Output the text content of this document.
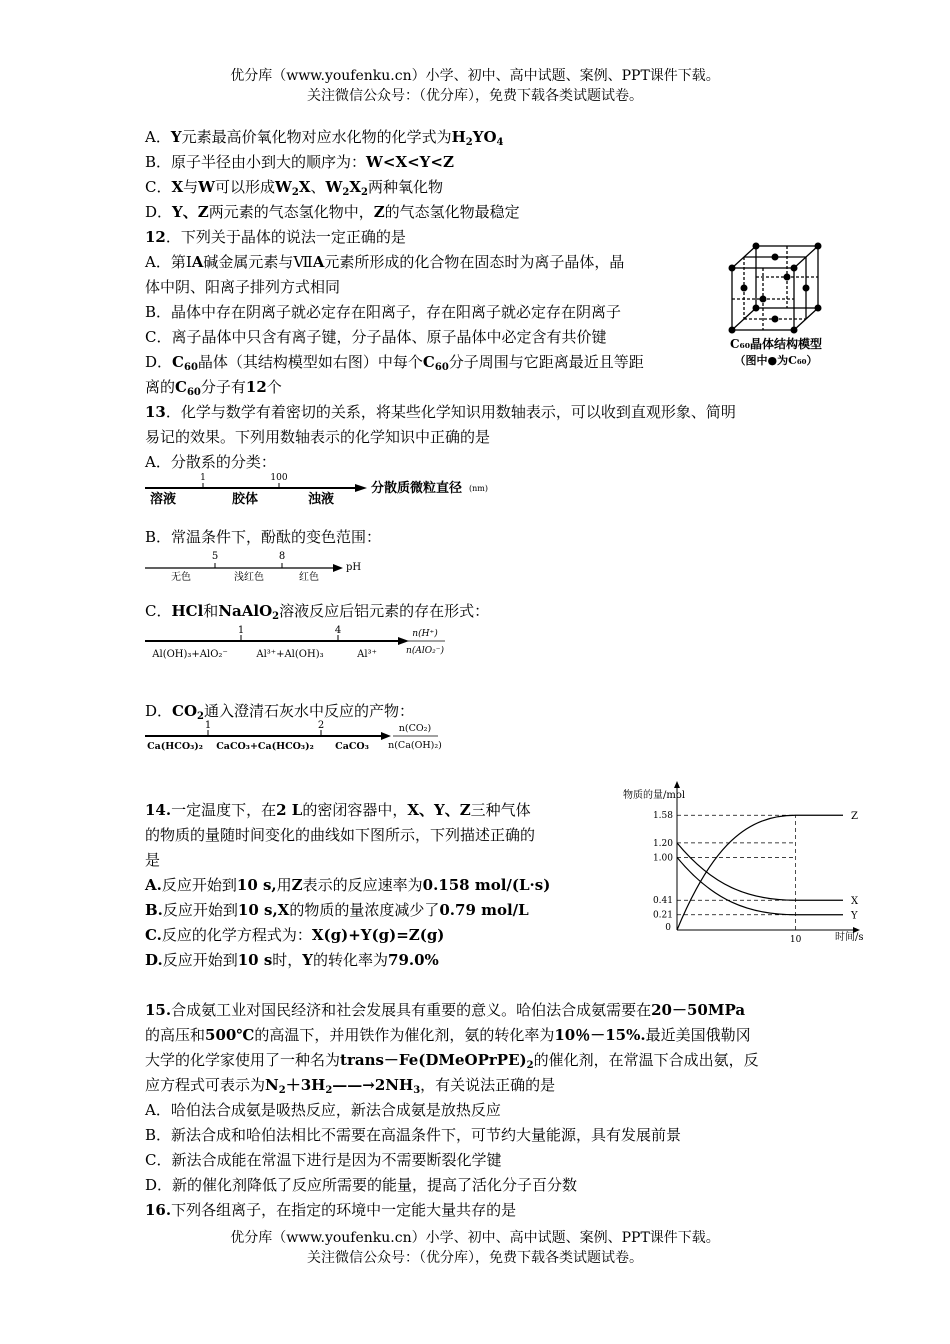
优分库（www.youfenku.cn）小学、初中、高中试题、案例、PPT课件下载。
关注微信公众号：（优分库），免费下载各类试题试卷。
A．Y元素最高价氧化物对应水化物的化学式为$H_2YO_4$
B．原子半径由小到大的顺序为：W<X<Y<Z
C．X与W可以形成$W_2X$、$W_2X_2$两种氧化物
D．Y、Z两元素的气态氢化物中，Z的气态氢化物最稳定
12．下列关于晶体的说法一定正确的是
A．第ⅠA碱金属元素与ⅦA元素所形成的化合物在固态时为离子晶体，晶
体中阴、阳离子排列方式相同
B．晶体中存在阴离子就必定存在阳离子，存在阳离子就必定存在阴离子
C．离子晶体中只含有离子键，分子晶体、原子晶体中必定含有共价键
D．$C_{60}$晶体（其结构模型如右图）中每个$C_{60}$分子周围与它距离最近且等距
离的$C_{60}$分子有12个
C₆₀晶体结构模型
（图中●为C₆₀）
13．化学与数学有着密切的关系，将某些化学知识用数轴表示，可以收到直观形象、简明
易记的效果。下列用数轴表示的化学知识中正确的是
A．分散系的分类：
1	100
溶液	胶体	浊液
分散质微粒直径 (nm)
B．常温条件下，酚酞的变色范围：
5	8
无色	浅红色	红色
pH
C．HCl和NaAlO$_2$溶液反应后铝元素的存在形式：
1	4
Al(OH)₃+AlO₂⁻	Al³⁺+Al(OH)₃	Al³⁺
n(H⁺)
n(AlO₂⁻)
D．$CO_2$通入澄清石灰水中反应的产物：
1	2
Ca(HCO₃)₂ CaCO₃+Ca(HCO₃)₂ CaCO₃
n(CO₂)
n(Ca(OH)₂)
14.一定温度下，在2 L的密闭容器中，X、Y、Z三种气体
的物质的量随时间变化的曲线如下图所示，下列描述正确的
是
A.反应开始到10 s,用Z表示的反应速率为0.158 mol/(L·s)
B.反应开始到10 s,X的物质的量浓度减少了0.79 mol/L
C.反应的化学方程式为：X(g)+Y(g)=Z(g)
D.反应开始到10 s时，Y的转化率为79.0%
物质的量/mol
时间/s
1.58
1.20
1.00
0.41
0.21
0
10
Z
X
Y
15.合成氨工业对国民经济和社会发展具有重要的意义。哈伯法合成氨需要在20－50MPa
的高压和500℃的高温下，并用铁作为催化剂，氨的转化率为10％－15%.最近美国俄勒冈
大学的化学家使用了一种名为$trans-Fe(DMeOPrPE)_2$的催化剂，在常温下合成出氨，反
应方程式可表示为$N_2+3H_2——\to 2NH_3$，有关说法正确的是
A．哈伯法合成氨是吸热反应，新法合成氨是放热反应
B．新法合成和哈伯法相比不需要在高温条件下，可节约大量能源，具有发展前景
C．新法合成能在常温下进行是因为不需要断裂化学键
D．新的催化剂降低了反应所需要的能量，提高了活化分子百分数
16.下列各组离子，在指定的环境中一定能大量共存的是
优分库（www.youfenku.cn）小学、初中、高中试题、案例、PPT课件下载。
关注微信公众号：（优分库），免费下载各类试题试卷。
